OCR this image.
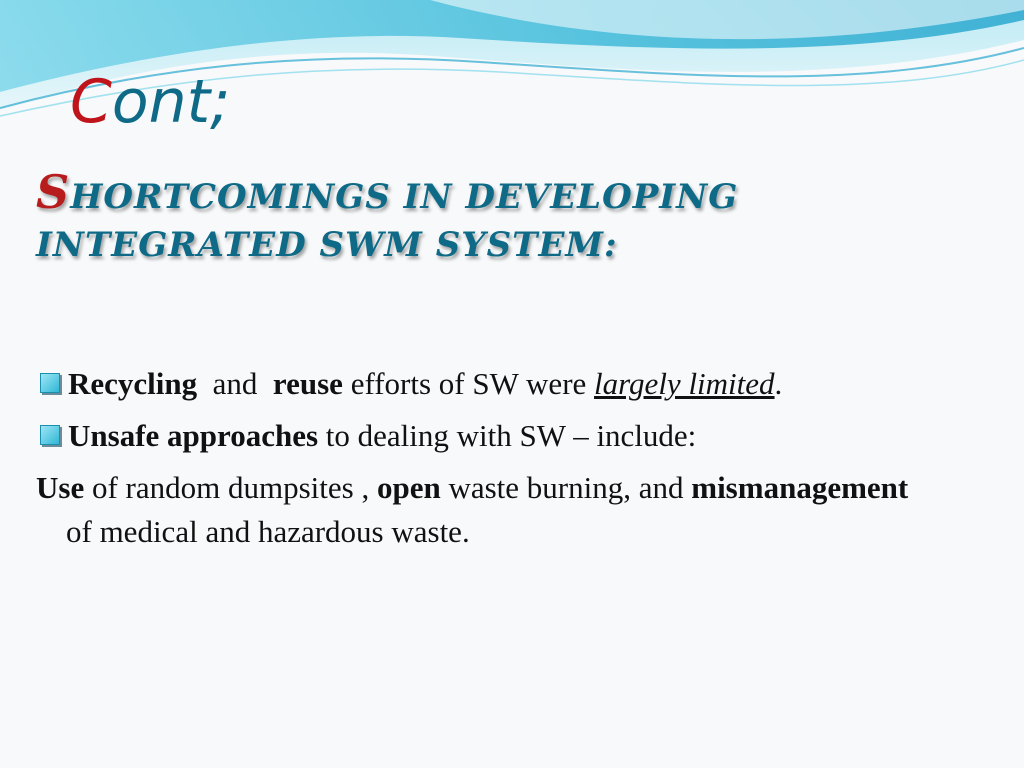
Cont;
SHORTCOMINGS IN DEVELOPING
INTEGRATED SWM SYSTEM:
Recycling  and  reuse efforts of SW were largely limited.
Unsafe approaches to dealing with SW – include:

Use of random dumpsites , open waste burning, and mismanagement of medical and hazardous waste.
